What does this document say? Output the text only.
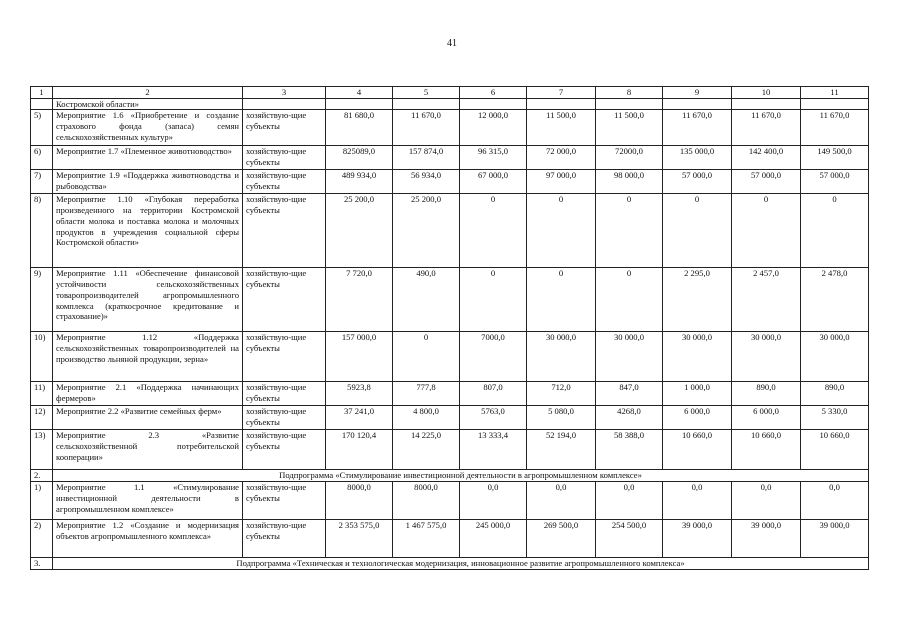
41
1	2	3	4	5	6	7	8	9	10	11
	Костромской области»									
5)	Мероприятие 1.6 «Приобретение и создание страхового фонда (запаса) семян сельскохозяйственных культур»	хозяйствую-щие субъекты	81 680,0	11 670,0	12 000,0	11 500,0	11 500,0	11 670,0	11 670,0	11 670,0
6)	Мероприятие 1.7 «Племенное животноводство»	хозяйствую-щие субъекты	825089,0	157 874,0	96 315,0	72 000,0	72000,0	135 000,0	142 400,0	149 500,0
7)	Мероприятие 1.9 «Поддержка животноводства и рыбоводства»	хозяйствую-щие субъекты	489 934,0	56 934,0	67 000,0	97 000,0	98 000,0	57 000,0	57 000,0	57 000,0
8)	Мероприятие 1.10 «Глубокая переработка произведенного на территории Костромской области молока и поставка молока и молочных продуктов в учреждения социальной сферы Костромской области»	хозяйствую-щие субъекты	25 200,0	25 200,0	0	0	0	0	0	0
9)	Мероприятие 1.11 «Обеспечение финансовой устойчивости сельскохозяйственных товаропроизводителей агропромышленного комплекса (краткосрочное кредитование и страхование)»	хозяйствую-щие субъекты	7 720,0	490,0	0	0	0	2 295,0	2 457,0	2 478,0
10)	Мероприятие 1.12 «Поддержка сельскохозяйственных товаропроизводителей на производство льняной продукции, зерна»	хозяйствую-щие субъекты	157 000,0	0	7000,0	30 000,0	30 000,0	30 000,0	30 000,0	30 000,0
11)	Мероприятие 2.1 «Поддержка начинающих фермеров»	хозяйствую-щие субъекты	5923,8	777,8	807,0	712,0	847,0	1 000,0	890,0	890,0
12)	Мероприятие 2.2 «Развитие семейных ферм»	хозяйствую-щие субъекты	37 241,0	4 800,0	5763,0	5 080,0	4268,0	6 000,0	6 000,0	5 330,0
13)	Мероприятие 2.3 «Развитие сельскохозяйственной потребительской кооперации»	хозяйствую-щие субъекты	170 120,4	14 225,0	13 333,4	52 194,0	58 388,0	10 660,0	10 660,0	10 660,0
2.	Подпрограмма «Стимулирование инвестиционной деятельности в агропромышленном комплексе»									
1)	Мероприятие 1.1 «Стимулирование инвестиционной деятельности в агропромышленном комплексе»	хозяйствую-щие субъекты	8000,0	8000,0	0,0	0,0	0,0	0,0	0,0	0,0
2)	Мероприятие 1.2 «Создание и модернизация объектов агропромышленного комплекса»	хозяйствую-щие субъекты	2 353 575,0	1 467 575,0	245 000,0	269 500,0	254 500,0	39 000,0	39 000,0	39 000,0
3.	Подпрограмма «Техническая и технологическая модернизация, инновационное развитие агропромышленного комплекса»									
